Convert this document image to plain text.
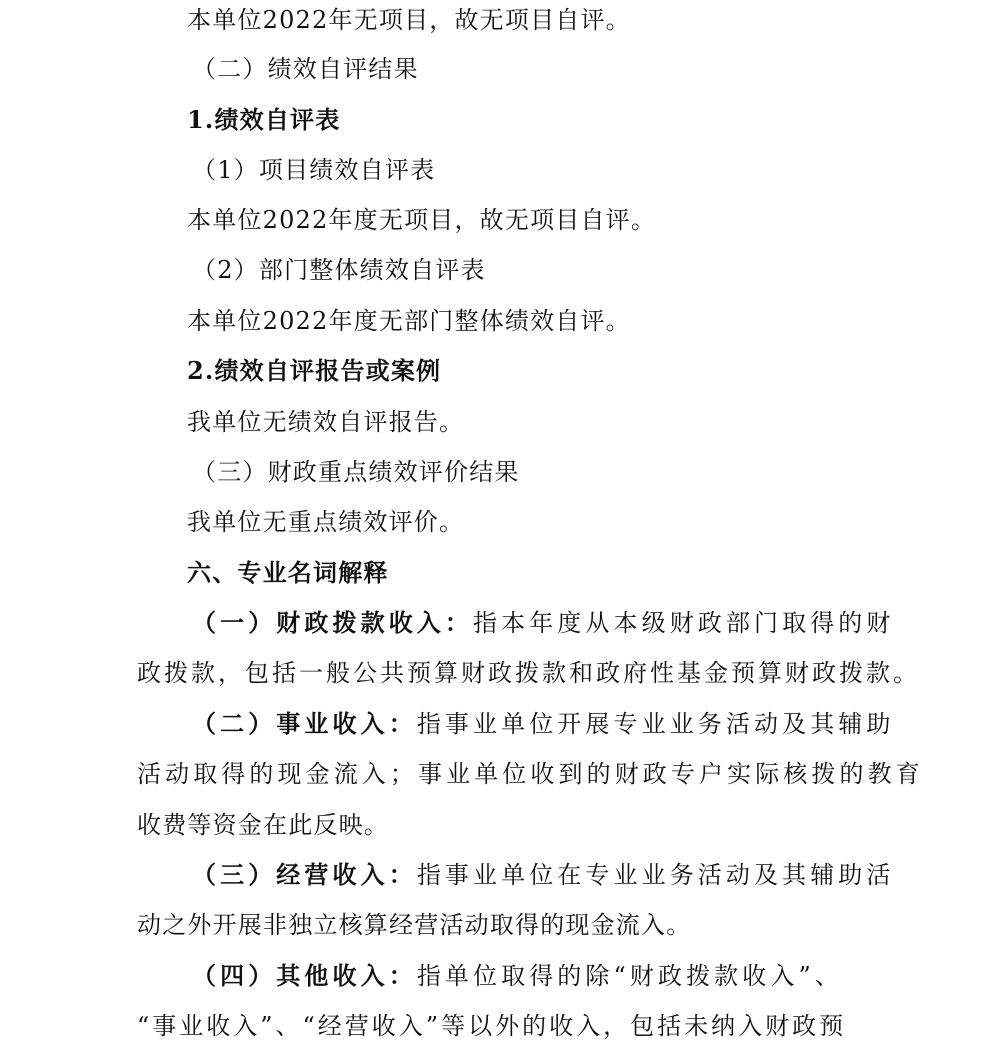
本单位2022年无项目，故无项目自评。
（二）绩效自评结果
1.绩效自评表
（1）项目绩效自评表
本单位2022年度无项目，故无项目自评。
（2）部门整体绩效自评表
本单位2022年度无部门整体绩效自评。
2.绩效自评报告或案例
我单位无绩效自评报告。
（三）财政重点绩效评价结果
我单位无重点绩效评价。
六、专业名词解释
（一）财政拨款收入：指本年度从本级财政部门取得的财
政拨款，包括一般公共预算财政拨款和政府性基金预算财政拨款。
（二）事业收入：指事业单位开展专业业务活动及其辅助
活动取得的现金流入；事业单位收到的财政专户实际核拨的教育
收费等资金在此反映。
（三）经营收入：指事业单位在专业业务活动及其辅助活
动之外开展非独立核算经营活动取得的现金流入。
（四）其他收入：指单位取得的除“财政拨款收入”、
“事业收入”、“经营收入”等以外的收入，包括未纳入财政预
